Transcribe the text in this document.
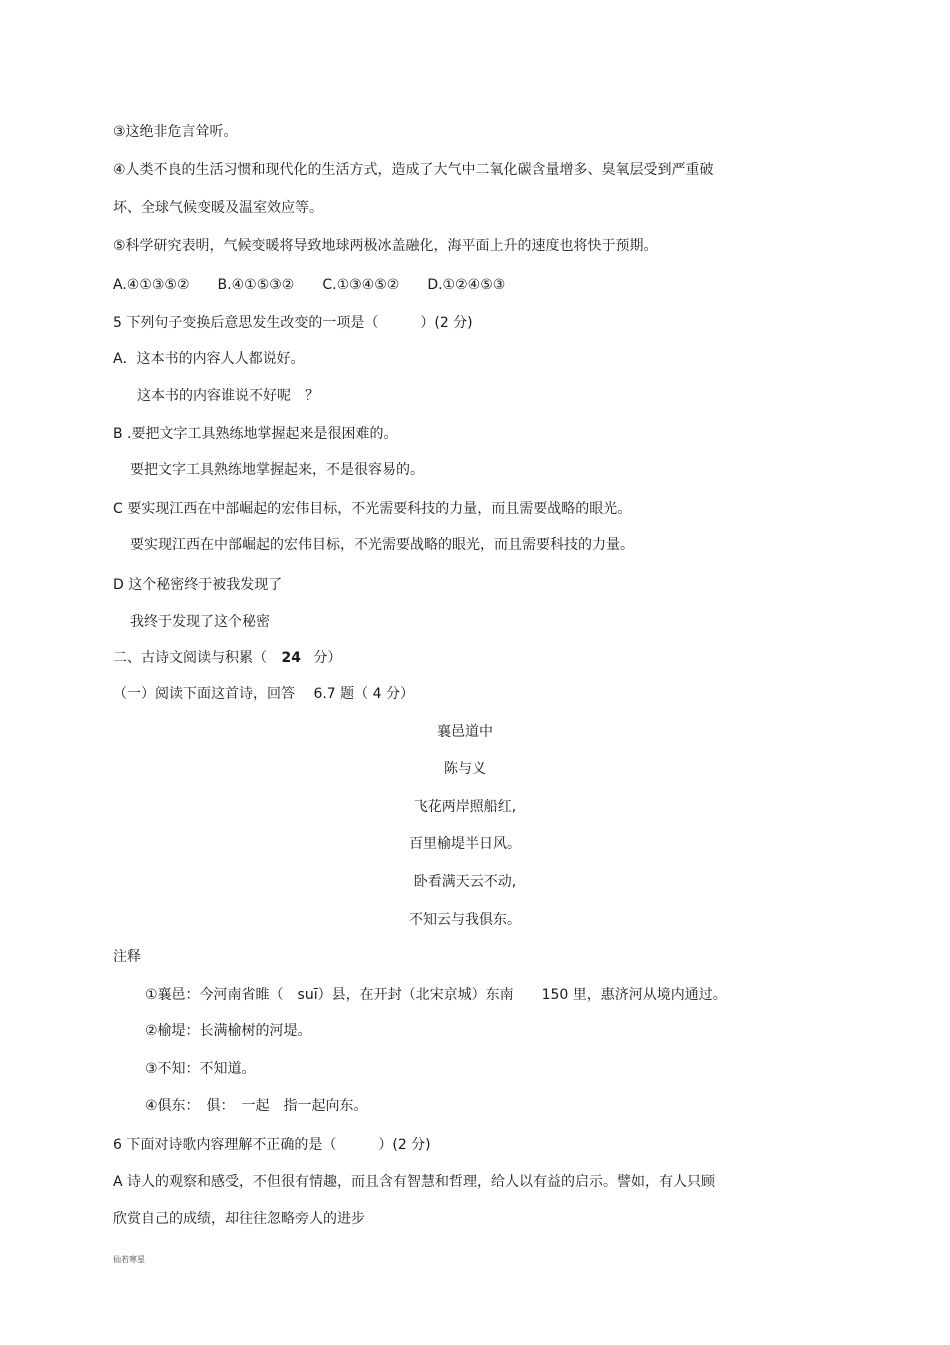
③这绝非危言耸听。
④人类不良的生活习惯和现代化的生活方式，造成了大气中二氧化碳含量增多、臭氧层受到严重破
坏、全球气候变暖及温室效应等。
⑤科学研究表明，气候变暖将导致地球两极冰盖融化，海平面上升的速度也将快于预期。
A.④①③⑤②　　B.④①⑤③②　　C.①③④⑤②　　D.①②④⑤③
5 下列句子变换后意思发生改变的一项是（　　　）(2 分)
A．这本书的内容人人都说好。
这本书的内容谁说不好呢　？
B .要把文字工具熟练地掌握起来是很困难的。
要把文字工具熟练地掌握起来，不是很容易的。
C 要实现江西在中部崛起的宏伟目标，不光需要科技的力量，而且需要战略的眼光。
要实现江西在中部崛起的宏伟目标，不光需要战略的眼光，而且需要科技的力量。
D 这个秘密终于被我发现了
我终于发现了这个秘密
二、古诗文阅读与积累（ 24 分）
（一）阅读下面这首诗，回答　 6.7 题（ 4 分）
襄邑道中
陈与义
飞花两岸照船红,
百里榆堤半日风。
卧看满天云不动,
不知云与我俱东。
注释
①襄邑：今河南省睢（　suī）县，在开封（北宋京城）东南　　150 里，惠济河从境内通过。
②榆堤：长满榆树的河堤。
③不知：不知道。
④俱东：　俱：　一起　指一起向东。
6 下面对诗歌内容理解不正确的是（　　　）(2 分)
A 诗人的观察和感受，不但很有情趣，而且含有智慧和哲理，给人以有益的启示。譬如，有人只顾
欣赏自己的成绩，却往往忽略旁人的进步
仙若寒星
